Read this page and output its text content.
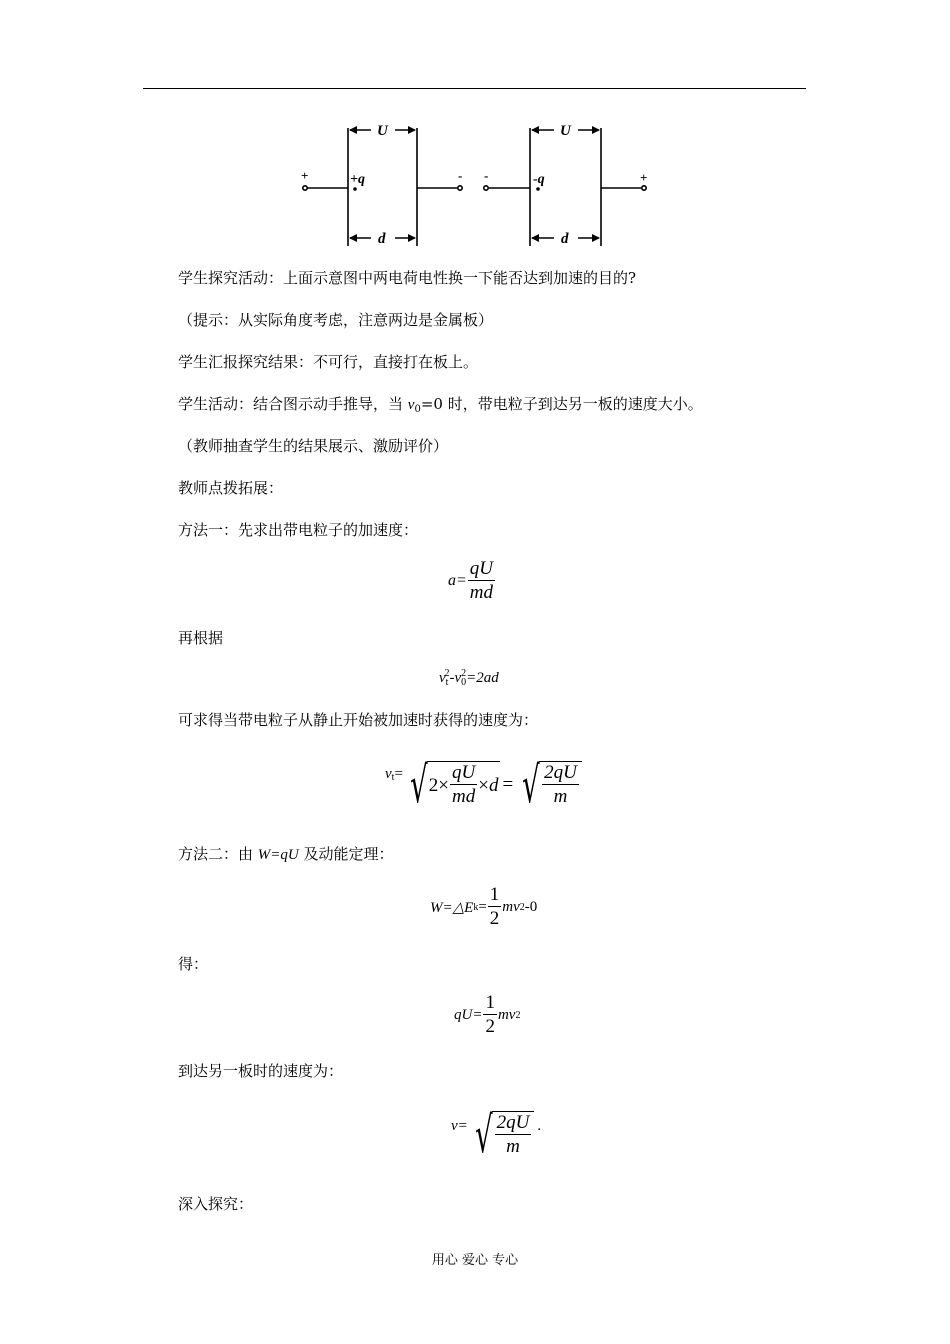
U
d
U
d
+q	-q
+	- -	+
学生探究活动：上面示意图中两电荷电性换一下能否达到加速的目的?
（提示：从实际角度考虑，注意两边是金属板）
学生汇报探究结果：不可行，直接打在板上。
学生活动：结合图示动手推导，当 $v_0=0$ 时，带电粒子到达另一板的速度大小。
（教师抽查学生的结果展示、激励评价）
教师点拨拓展：
方法一：先求出带电粒子的加速度：
$a= \frac{qU}{md}$
再根据
$v_t^2-v_0^2=2ad$
可求得当带电粒子从静止开始被加速时获得的速度为：
v t = √ $2 \times \frac{qU}{md} \times d$ = √ $\frac{2qU}{m}$
方法二：由 W=qU 及动能定理：
W=△E $k = \frac{1}{2}$ mv 2 -0
得：
$qU= \frac{1}{2}$ mv 2
到达另一板时的速度为：
v= √ $\frac{2qU}{m}$ .
深入探究：
用心 爱心 专心
